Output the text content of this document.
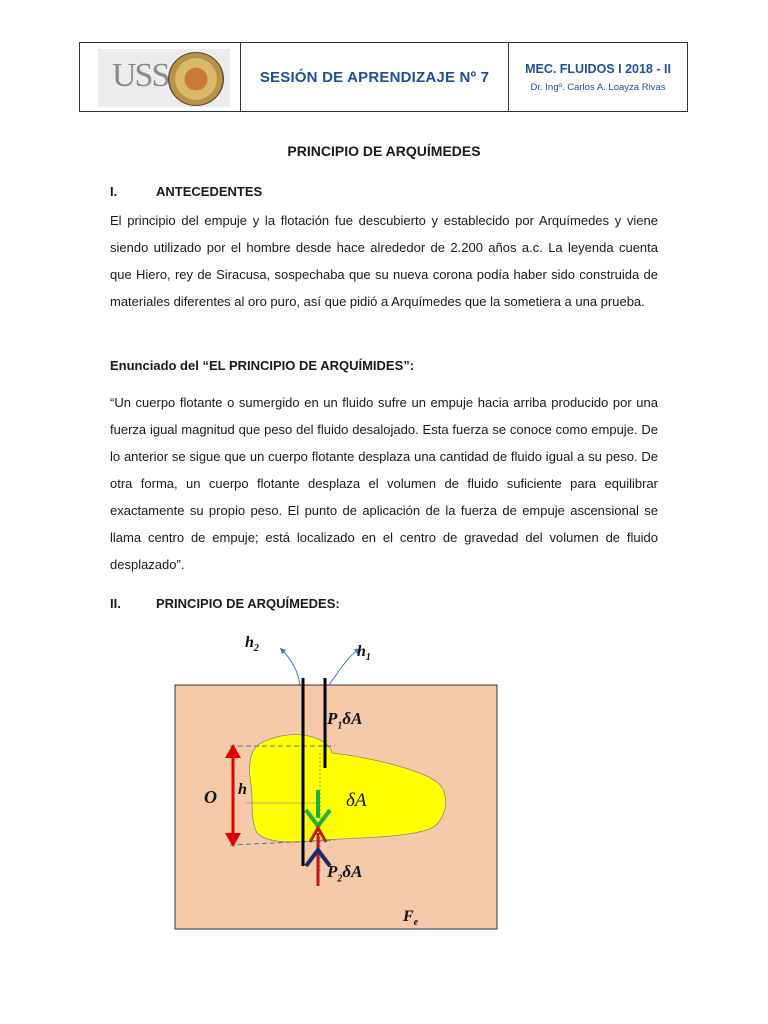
USS	SESIÓN DE APRENDIZAJE Nº 7	MEC. FLUIDOS I 2018 - II
Dr. Ingº. Carlos A. Loayza Rivas
PRINCIPIO DE ARQUÍMEDES
I.	ANTECEDENTES
El principio del empuje y la flotación fue descubierto y establecido por Arquímedes y viene siendo utilizado por el hombre desde hace alrededor de 2.200 años a.c. La leyenda cuenta que Hiero, rey de Siracusa, sospechaba que su nueva corona podía haber sido construida de materiales diferentes al oro puro, así que pidió a Arquímedes que la sometiera a una prueba.
Enunciado del “EL PRINCIPIO DE ARQUÍMIDES”:
“Un cuerpo flotante o sumergido en un fluido sufre un empuje hacia arriba producido por una fuerza igual magnitud que peso del fluido desalojado. Esta fuerza se conoce como empuje. De lo anterior se sigue que un cuerpo flotante desplaza una cantidad de fluido igual a su peso. De otra forma, un cuerpo flotante desplaza el volumen de fluido suficiente para equilibrar exactamente su propio peso. El punto de aplicación de la fuerza de empuje ascensional se llama centro de empuje; está localizado en el centro de gravedad del volumen de fluido desplazado”.
II.	PRINCIPIO DE ARQUÍMEDES:
$h_2$	$h_1$
$P_1\delta A$
O h
δA
$P_2\delta A$
$F_e$
